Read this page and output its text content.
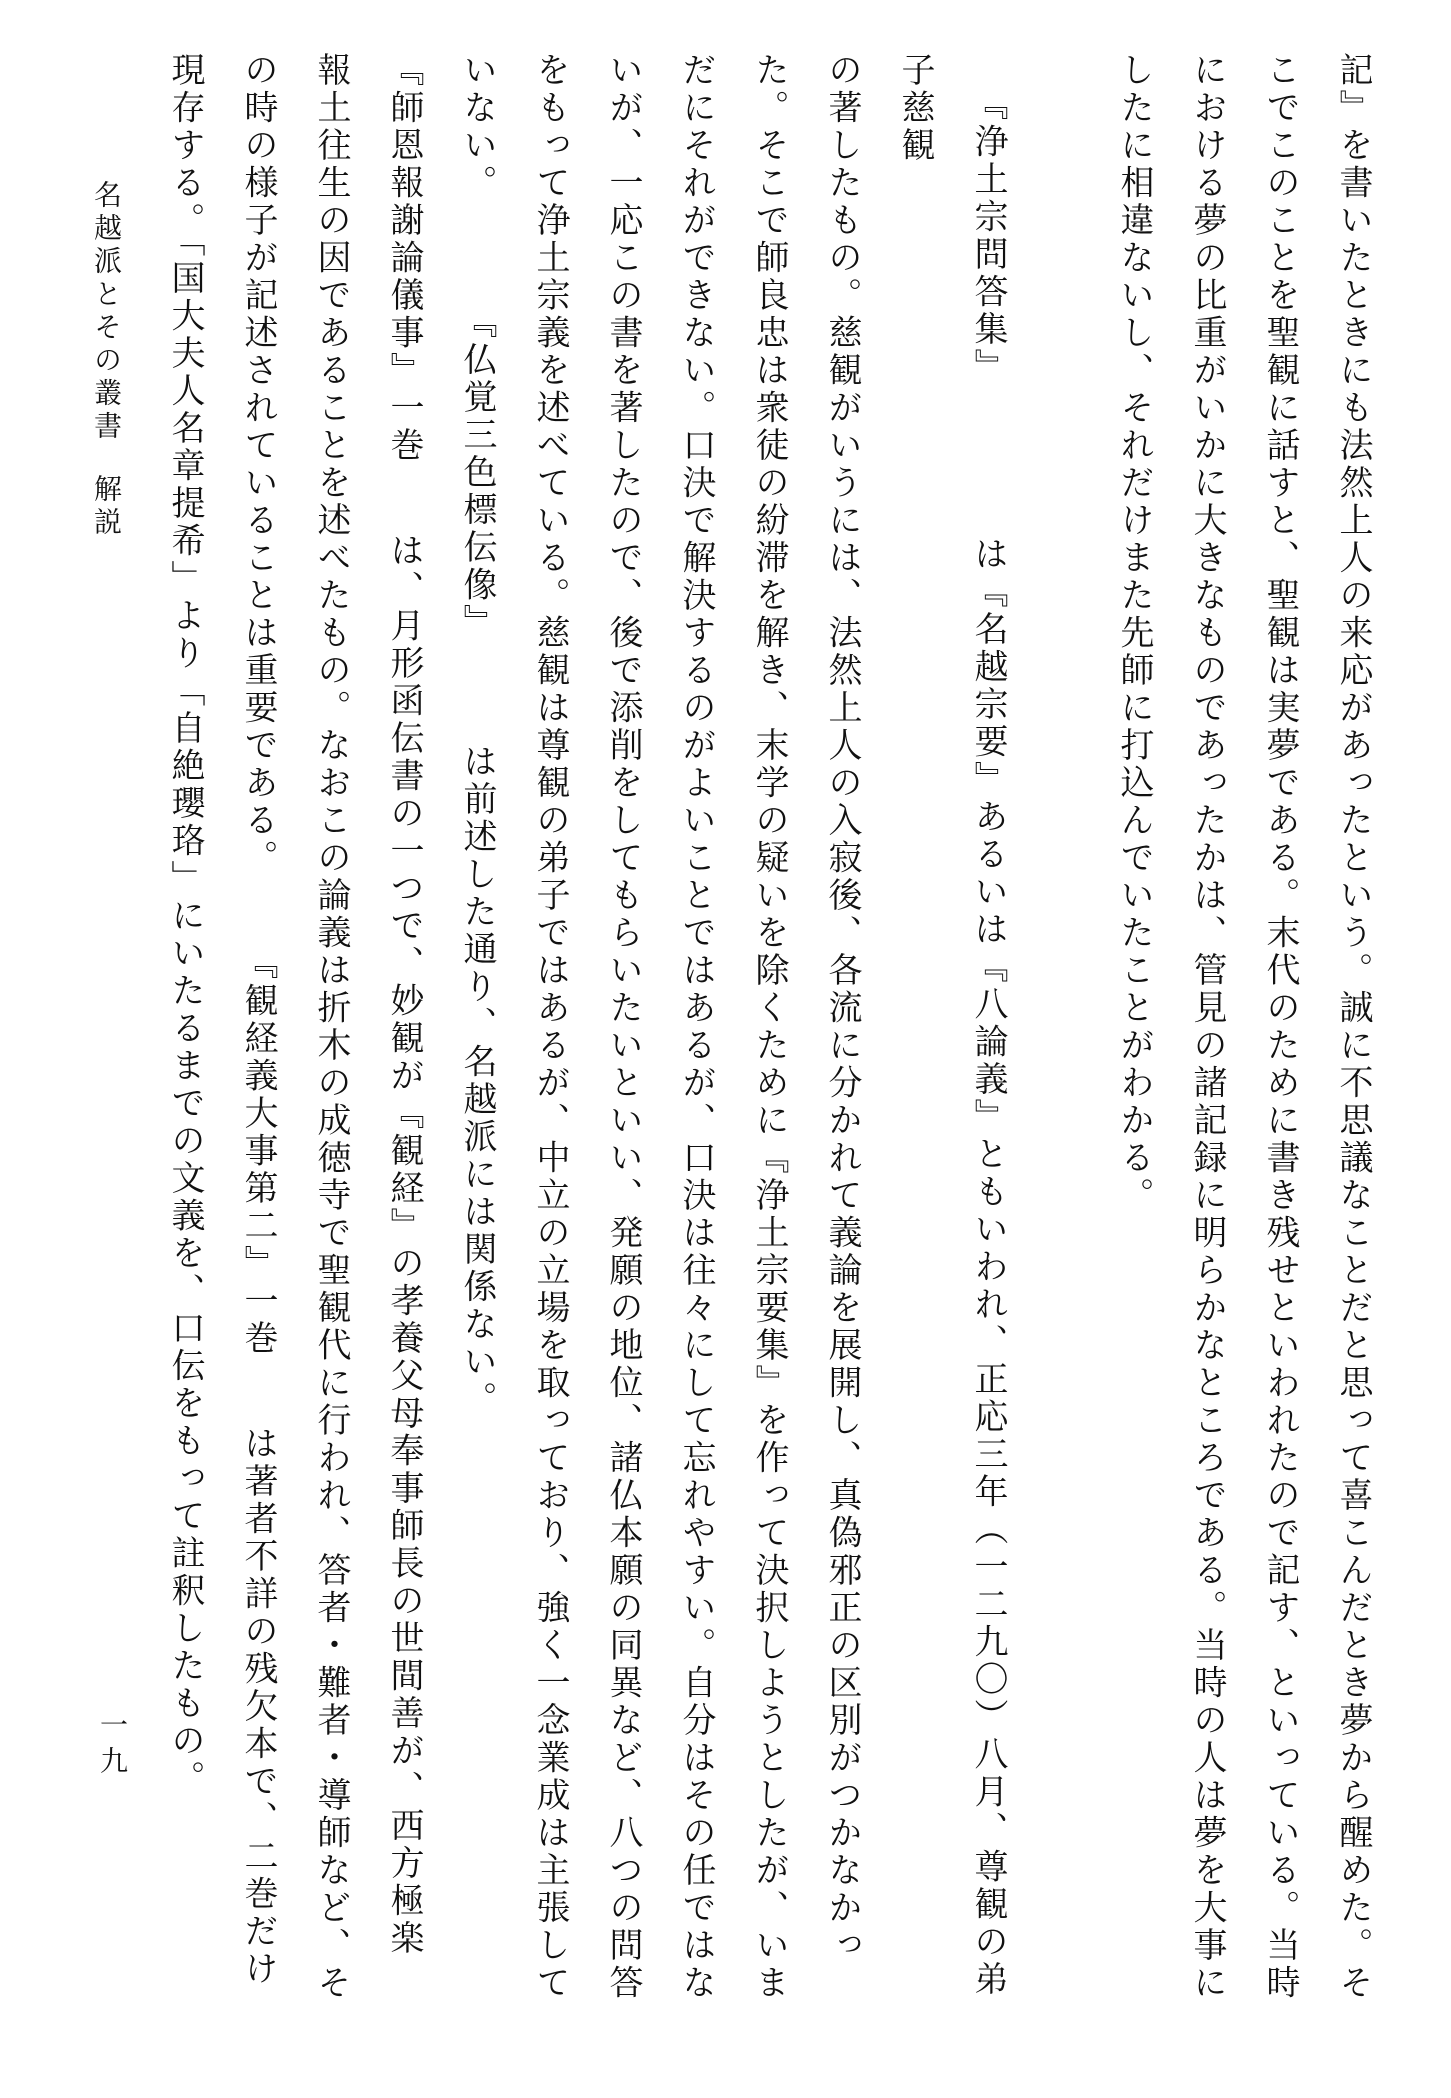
記』を書いたときにも法然上人の来応があったという。誠に不思議なことだと思って喜こんだとき夢から醒めた。そ
こでこのことを聖観に話すと、聖観は実夢である。末代のために書き残せといわれたので記す、といっている。当時
における夢の比重がいかに大きなものであったかは、管見の諸記録に明らかなところである。当時の人は夢を大事に
したに相違ないし、それだけまた先師に打込んでいたことがわかる。
『浄土宗問答集』は『名越宗要』あるいは『八論義』ともいわれ、正応三年（一二九〇）八月、尊観の弟子慈観
の著したもの。慈観がいうには、法然上人の入寂後、各流に分かれて義論を展開し、真偽邪正の区別がつかなかっ
た。そこで師良忠は衆徒の紛滞を解き、末学の疑いを除くために『浄土宗要集』を作って決択しようとしたが、いま
だにそれができない。口決で解決するのがよいことではあるが、口決は往々にして忘れやすい。自分はその任ではな
いが、一応この書を著したので、後で添削をしてもらいたいといい、発願の地位、諸仏本願の同異など、八つの問答
をもって浄土宗義を述べている。慈観は尊観の弟子ではあるが、中立の立場を取っており、強く一念業成は主張して
いない。『仏覚三色標伝像』は前述した通り、名越派には関係ない。
『師恩報謝論儀事』一巻は、月形函伝書の一つで、妙観が『観経』の孝養父母奉事師長の世間善が、西方極楽
報土往生の因であることを述べたもの。なおこの論義は折木の成徳寺で聖観代に行われ、答者・難者・導師など、そ
の時の様子が記述されていることは重要である。『観経義大事第二』一巻は著者不詳の残欠本で、二巻だけ
現存する。「国大夫人名章提希」より「自絶瓔珞」にいたるまでの文義を、口伝をもって註釈したもの。
名越派とその叢書解説
一九
